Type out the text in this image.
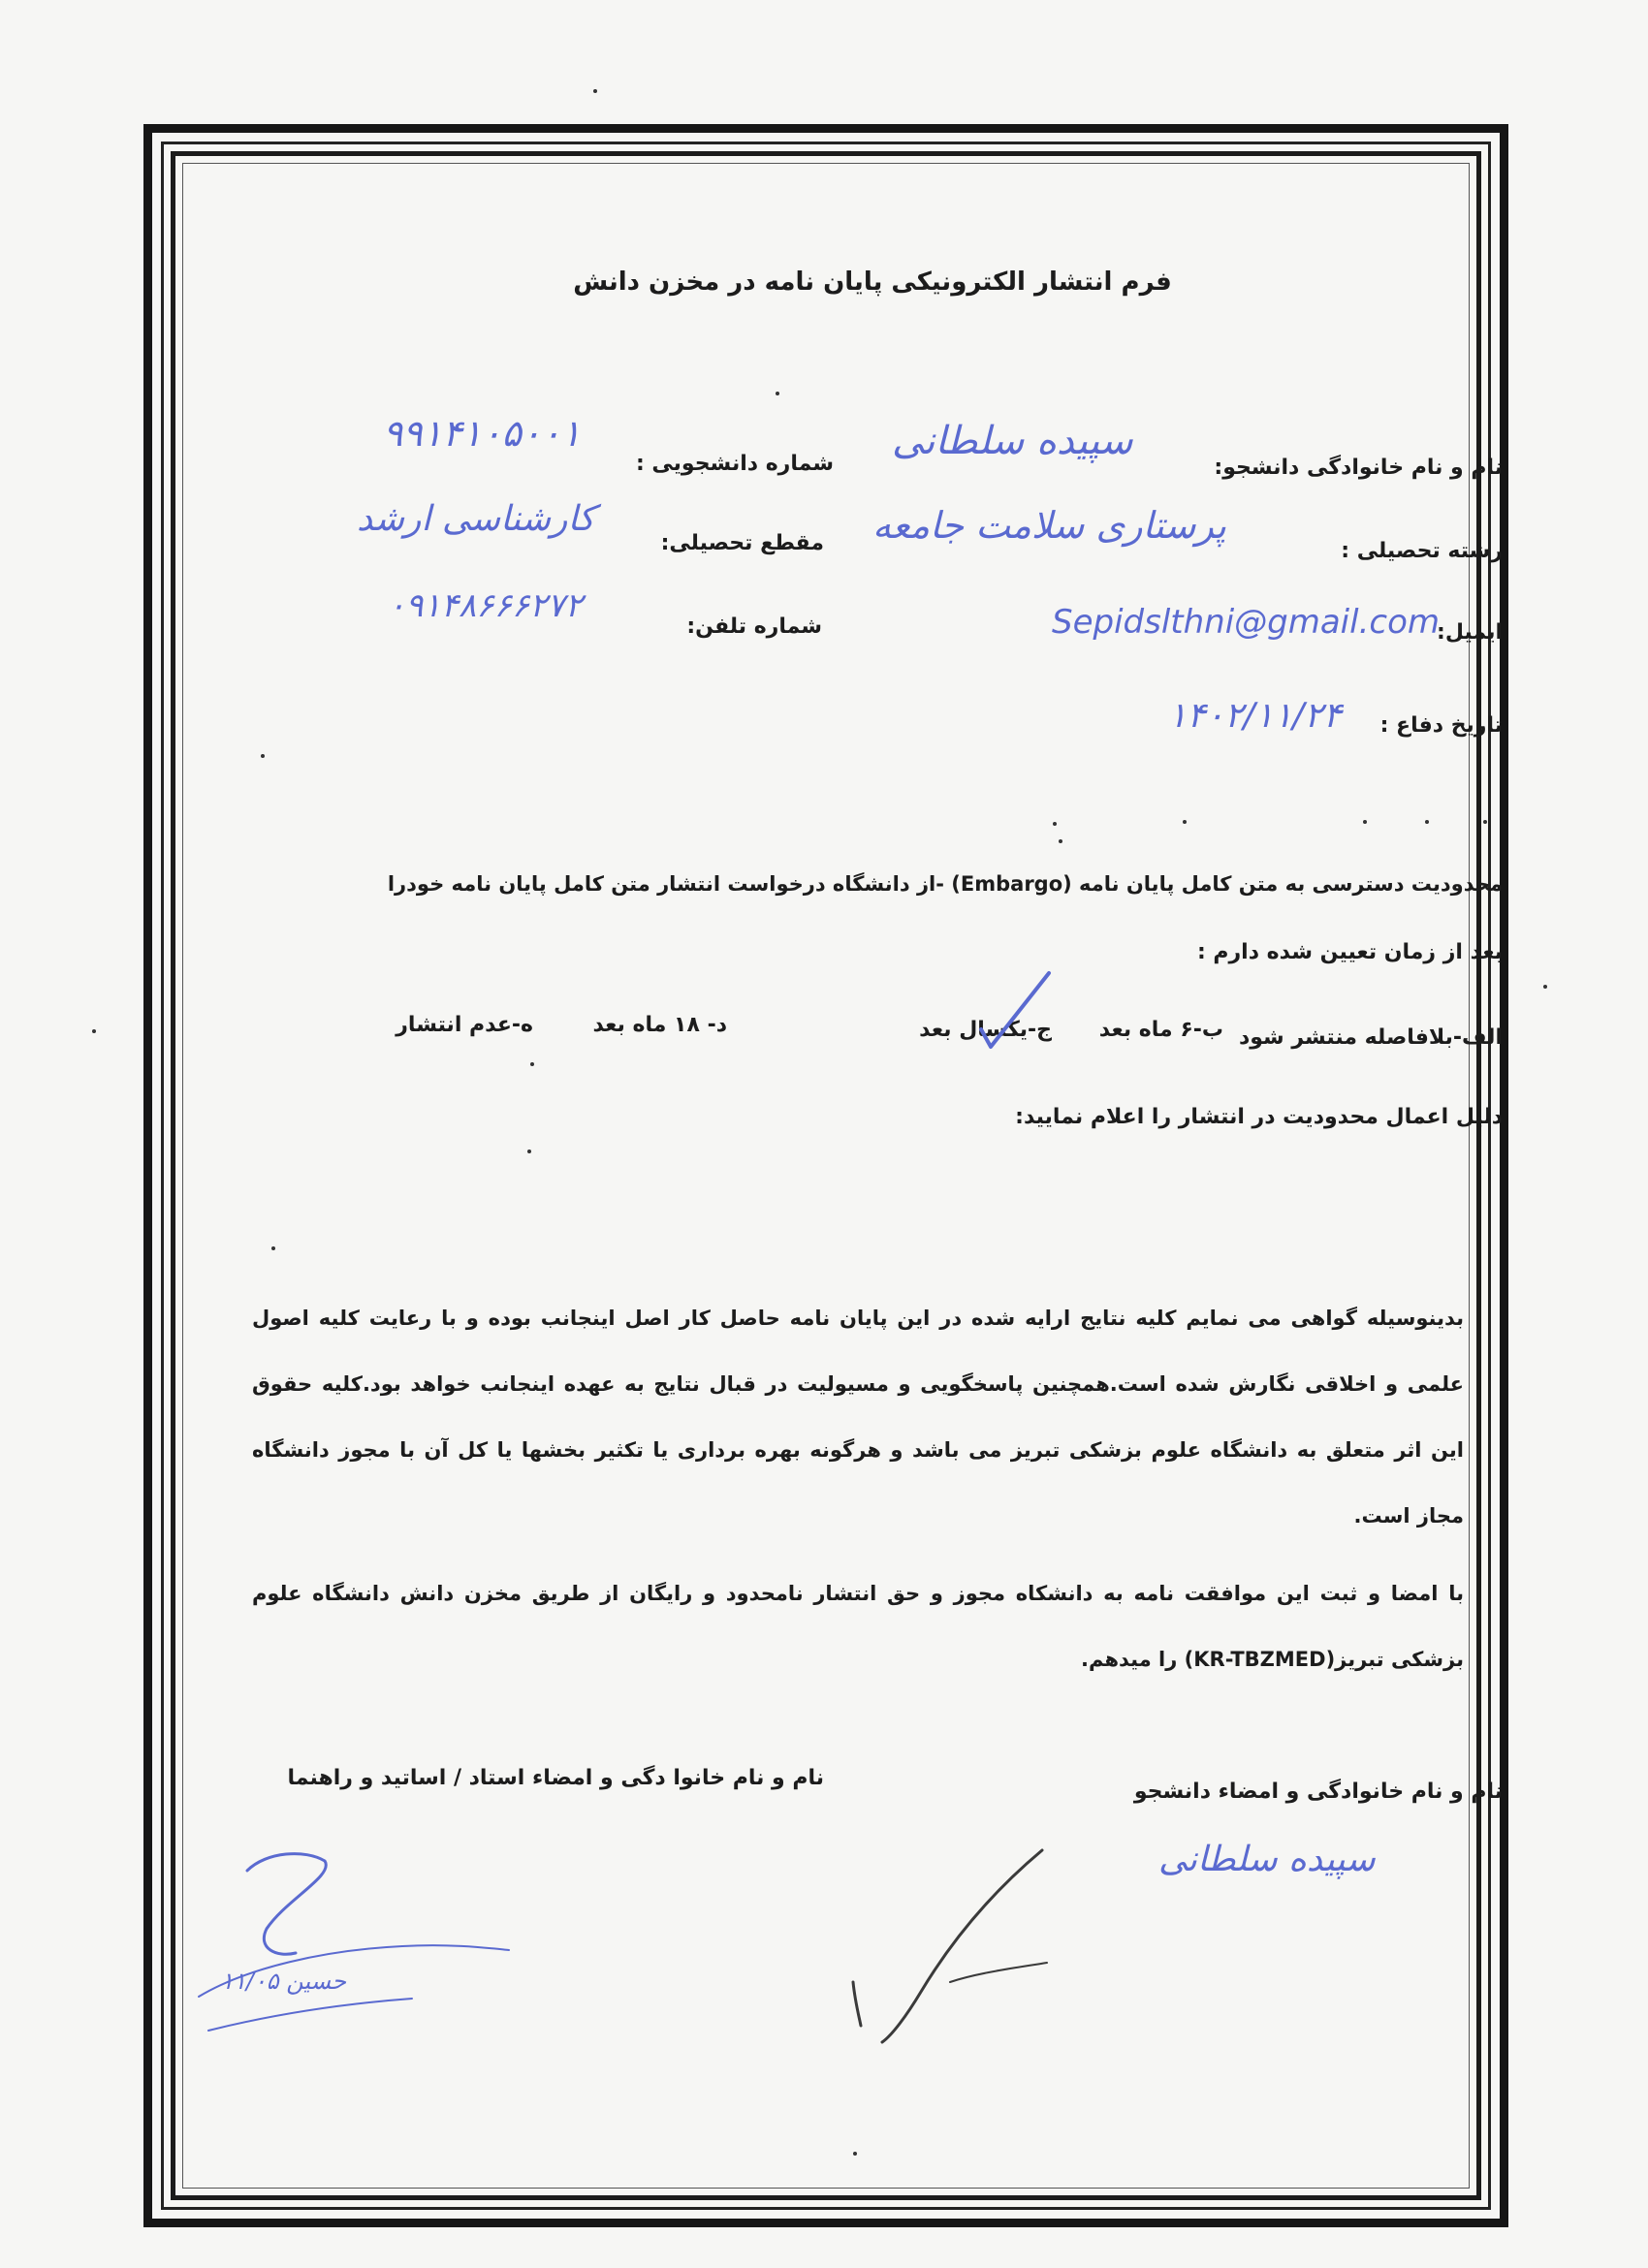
فرم انتشار الکترونیکی پایان نامه در مخزن دانش
نام و نام خانوادگی دانشجو:
سپیده سلطانی
شماره دانشجویی :
۹۹۱۴۱۰۵۰۰۱
رشته تحصیلی :
پرستاری سلامت جامعه
مقطع تحصیلی:
کارشناسی ارشد
ایمیل:
Sepidslthni@gmail.com
شماره تلفن:
۰۹۱۴۸۶۶۶۲۷۲
تاریخ دفاع :
۱۴۰۲/۱۱/۲۴
محدودیت دسترسی به متن کامل پایان نامه (Embargo) -از دانشگاه درخواست انتشار متن کامل پایان نامه خودرا
بعد از زمان تعیین شده دارم :
الف-بلافاصله منتشر شود
ب-۶ ماه بعد
ج-یکسال بعد
د- ۱۸ ماه بعد
ه-عدم انتشار
دلیل اعمال محدودیت در انتشار را اعلام نمایید:

بدینوسیله گواهی می نمایم کلیه نتایج ارایه شده در این پایان نامه حاصل کار اصل اینجانب بوده و با رعایت کلیه اصول علمی و اخلاقی نگارش شده است.همچنین پاسخگویی و مسیولیت در قبال نتایج به عهده اینجانب خواهد بود.کلیه حقوق این اثر متعلق به دانشگاه علوم بزشکی تبریز می باشد و هرگونه بهره برداری یا تکثیر بخشها یا کل آن با مجوز دانشگاه مجاز است.

با امضا و ثبت این موافقت نامه به دانشکاه مجوز و حق انتشار نامحدود و رایگان از طریق مخزن دانش دانشگاه علوم بزشکی تبریز(KR-TBZMED) را میدهم.

نام و نام خانوادگی و امضاء دانشجو
نام و نام خانوا دگی و امضاء استاد / اساتید و راهنما
سپیده سلطانی
حسین ۱۱/۰۵
